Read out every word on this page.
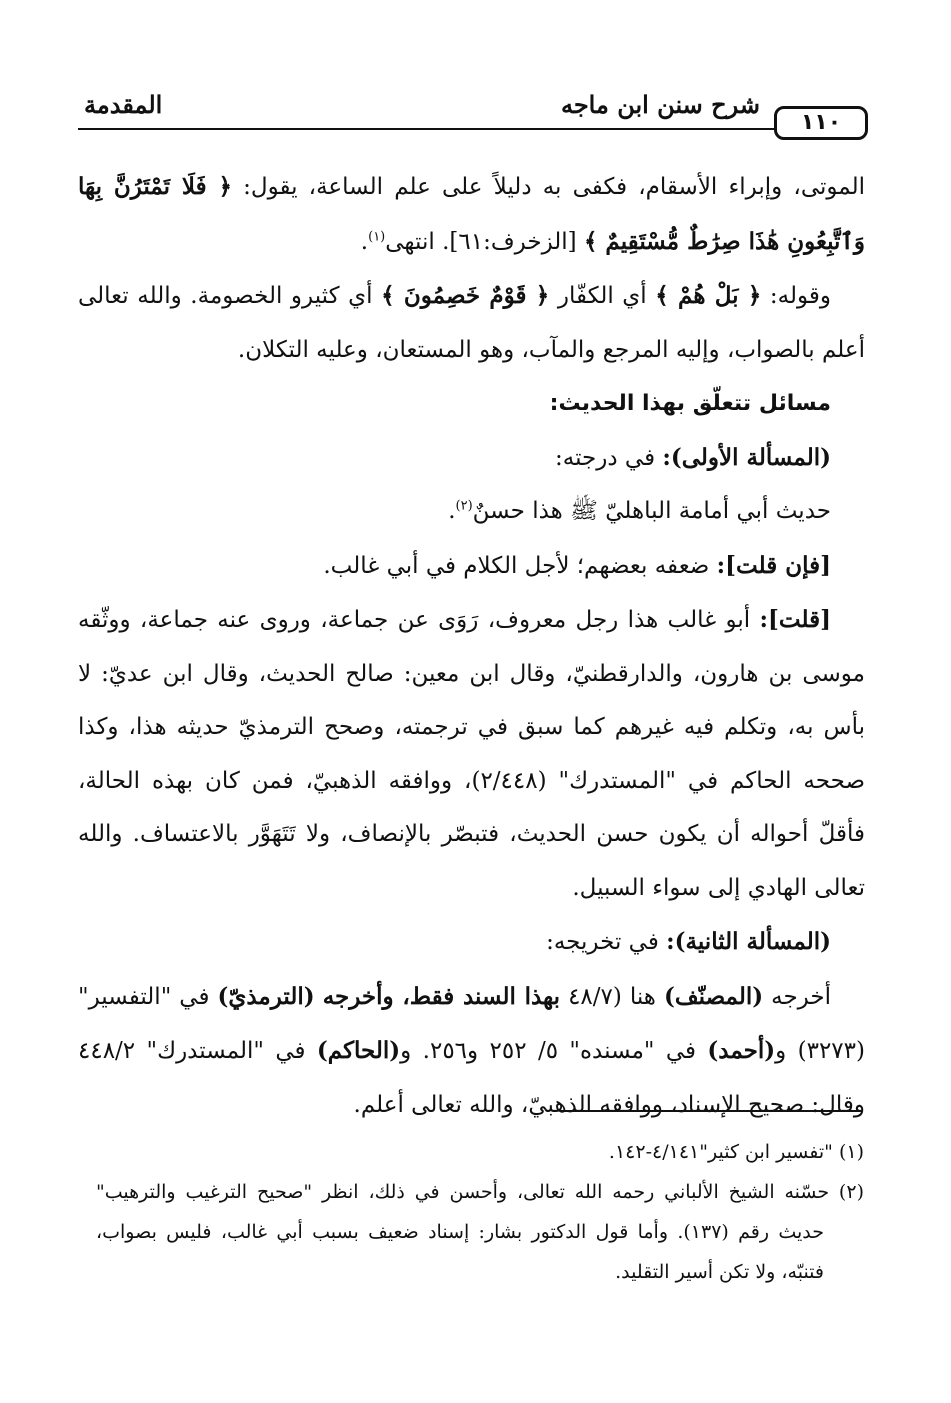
١١٠
شرح سنن ابن ماجه
المقدمة

الموتى، وإبراء الأسقام، فكفى به دليلاً على علم الساعة، يقول: ﴿ فَلَا تَمْتَرُنَّ بِهَا وَٱتَّبِعُونِ هَٰذَا صِرَٰطٌ مُّسْتَقِيمٌ ﴾ [الزخرف:٦١]. انتهى$^{(١)}$.

وقوله: ﴿ بَلْ هُمْ ﴾ أي الكفّار ﴿ قَوْمٌ خَصِمُونَ ﴾ أي كثيرو الخصومة. والله تعالى أعلم بالصواب، وإليه المرجع والمآب، وهو المستعان، وعليه التكلان.

مسائل تتعلّق بهذا الحديث:

(المسألة الأولى): في درجته:

حديث أبي أمامة الباهليّ ﷺ هذا حسنٌ$^{(٢)}$.

[فإن قلت]: ضعفه بعضهم؛ لأجل الكلام في أبي غالب.

[قلت]: أبو غالب هذا رجل معروف، رَوَى عن جماعة، وروى عنه جماعة، ووثّقه موسى بن هارون، والدارقطنيّ، وقال ابن معين: صالح الحديث، وقال ابن عديّ: لا بأس به، وتكلم فيه غيرهم كما سبق في ترجمته، وصحح الترمذيّ حديثه هذا، وكذا صححه الحاكم في "المستدرك" (٢/٤٤٨)، ووافقه الذهبيّ، فمن كان بهذه الحالة، فأقلّ أحواله أن يكون حسن الحديث، فتبصّر بالإنصاف، ولا تَتَهَوَّر بالاعتساف. والله تعالى الهادي إلى سواء السبيل.

(المسألة الثانية): في تخريجه:

أخرجه (المصنّف) هنا (٤٨/٧ بهذا السند فقط، وأخرجه (الترمذيّ) في "التفسير" (٣٢٧٣) و(أحمد) في "مسنده" ٥/ ٢٥٢ و٢٥٦. و(الحاكم) في "المستدرك" ٤٤٨/٢ وقال: صحيح الإسناد، ووافقه الذهبيّ، والله تعالى أعلم.

(١) "تفسير ابن كثير"٤/١٤١-١٤٢.

(٢) حسّنه الشيخ الألباني رحمه الله تعالى، وأحسن في ذلك، انظر "صحيح الترغيب والترهيب" حديث رقم (١٣٧). وأما قول الدكتور بشار: إسناد ضعيف بسبب أبي غالب، فليس بصواب، فتنبّه، ولا تكن أسير التقليد.
